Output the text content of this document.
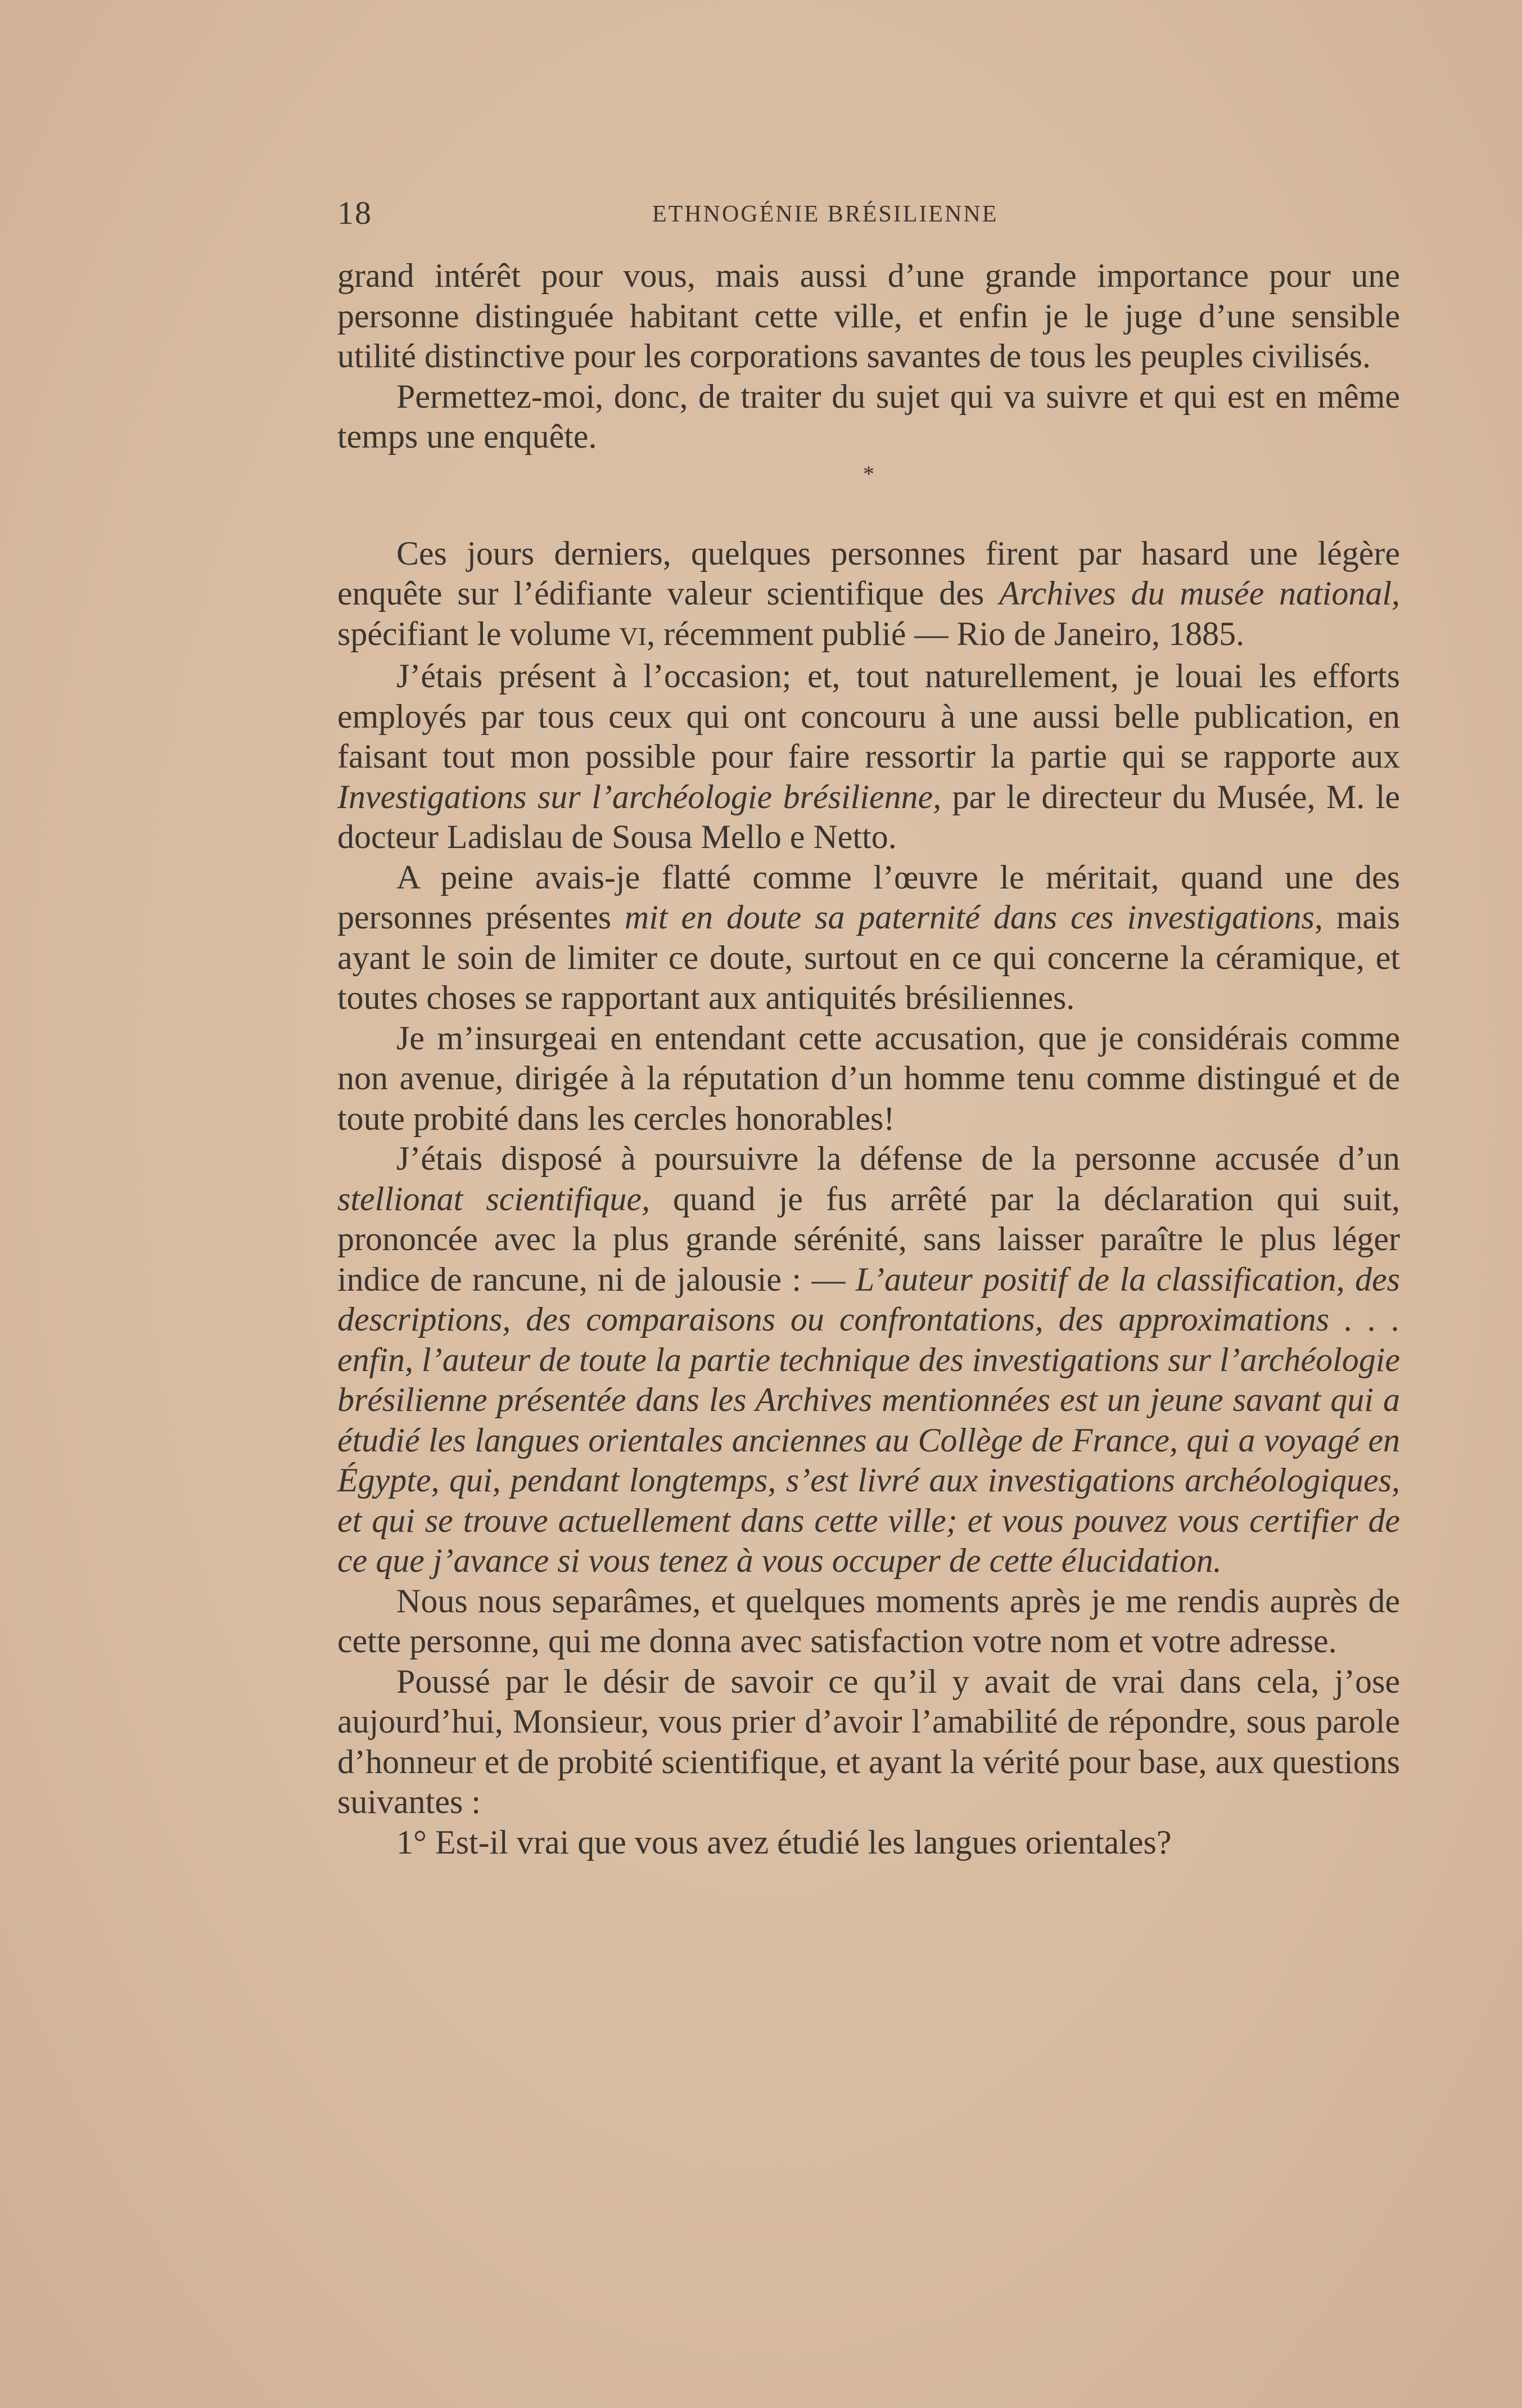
18	ETHNOGÉNIE BRÉSILIENNE

grand intérêt pour vous, mais aussi d’une grande importance pour une personne distinguée habitant cette ville, et enfin je le juge d’une sensible utilité distinctive pour les corporations savantes de tous les peuples civilisés.

Permettez-moi, donc, de traiter du sujet qui va suivre et qui est en même temps une enquête.

*

Ces jours derniers, quelques personnes firent par hasard une légère enquête sur l’édifiante valeur scientifique des Archives du musée national, spécifiant le volume VI, récemment publié — Rio de Janeiro, 1885.

J’étais présent à l’occasion; et, tout naturellement, je louai les efforts employés par tous ceux qui ont concouru à une aussi belle publication, en faisant tout mon possible pour faire ressortir la partie qui se rapporte aux Investigations sur l’archéologie brésilienne, par le directeur du Musée, M. le docteur Ladislau de Sousa Mello e Netto.

A peine avais-je flatté comme l’œuvre le méritait, quand une des personnes présentes mit en doute sa paternité dans ces investigations, mais ayant le soin de limiter ce doute, surtout en ce qui concerne la céramique, et toutes choses se rapportant aux antiquités brésiliennes.

Je m’insurgeai en entendant cette accusation, que je considérais comme non avenue, dirigée à la réputation d’un homme tenu comme distingué et de toute probité dans les cercles honorables!

J’étais disposé à poursuivre la défense de la personne accusée d’un stellionat scientifique, quand je fus arrêté par la déclaration qui suit, prononcée avec la plus grande sérénité, sans laisser paraître le plus léger indice de rancune, ni de jalousie : — L’auteur positif de la classification, des descriptions, des comparaisons ou confrontations, des approximations . . . enfin, l’auteur de toute la partie technique des investigations sur l’archéologie brésilienne présentée dans les Archives mentionnées est un jeune savant qui a étudié les langues orientales anciennes au Collège de France, qui a voyagé en Égypte, qui, pendant longtemps, s’est livré aux investigations archéologiques, et qui se trouve actuellement dans cette ville; et vous pouvez vous certifier de ce que j’avance si vous tenez à vous occuper de cette élucidation.

Nous nous separâmes, et quelques moments après je me rendis auprès de cette personne, qui me donna avec satisfaction votre nom et votre adresse.

Poussé par le désir de savoir ce qu’il y avait de vrai dans cela, j’ose aujourd’hui, Monsieur, vous prier d’avoir l’amabilité de répondre, sous parole d’honneur et de probité scientifique, et ayant la vérité pour base, aux questions suivantes :

1° Est-il vrai que vous avez étudié les langues orientales?
